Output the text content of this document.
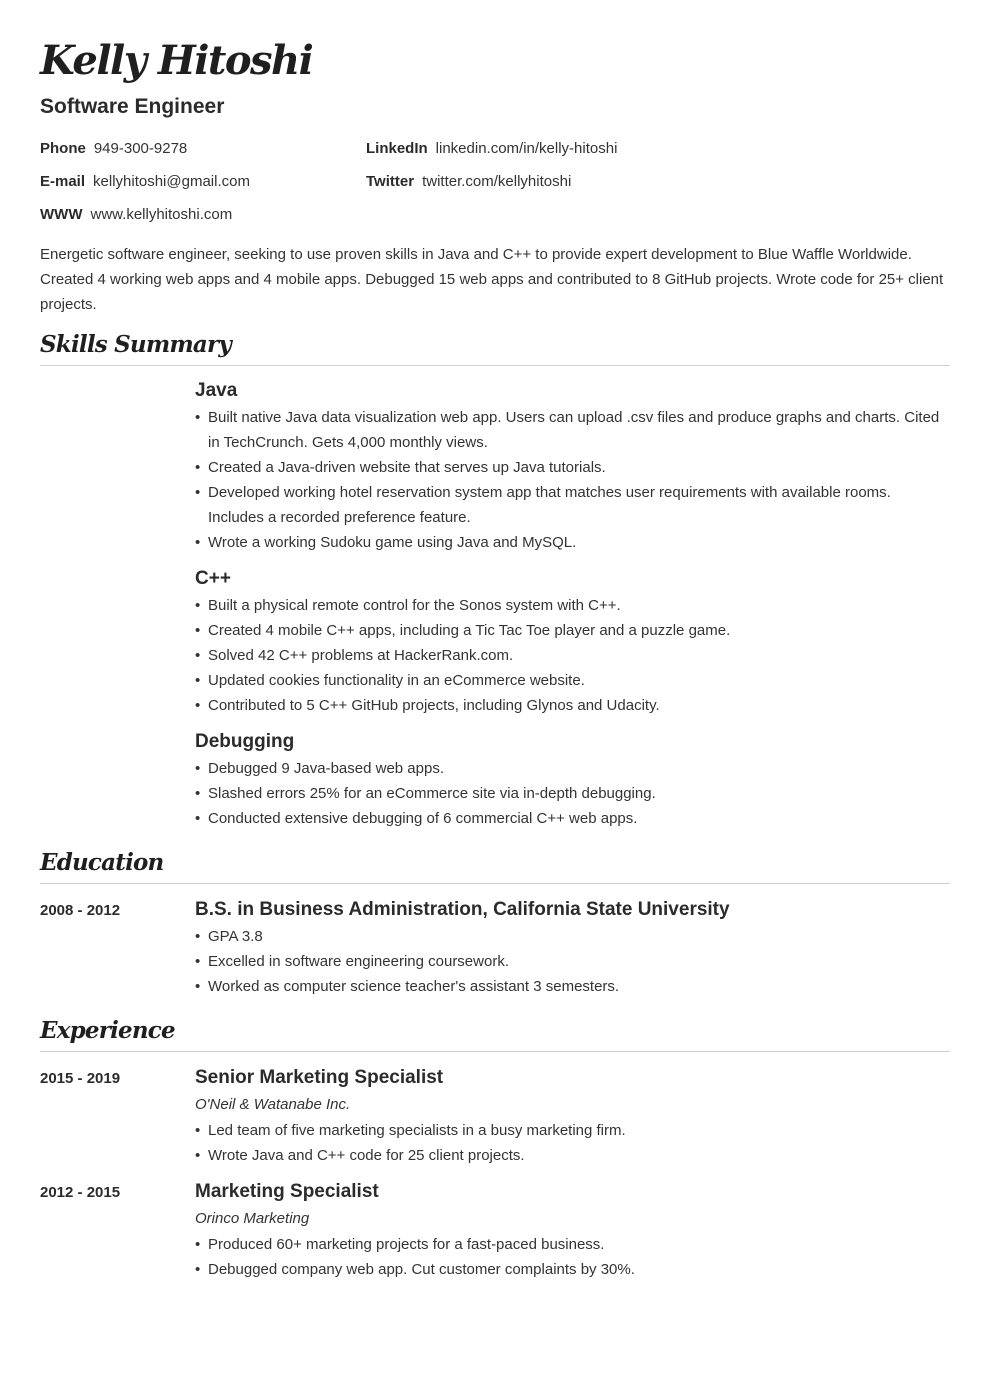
Kelly Hitoshi
Software Engineer
Phone 949-300-9278	LinkedIn linkedin.com/in/kelly-hitoshi
E-mail kellyhitoshi@gmail.com	Twitter twitter.com/kellyhitoshi
WWW www.kellyhitoshi.com

Energetic software engineer, seeking to use proven skills in Java and C++ to provide expert development to Blue Waffle Worldwide. Created 4 working web apps and 4 mobile apps. Debugged 15 web apps and contributed to 8 GitHub projects. Wrote code for 25+ client projects.

Skills Summary
Java
• Built native Java data visualization web app. Users can upload .csv files and produce graphs and charts. Cited in TechCrunch. Gets 4,000 monthly views.
• Created a Java-driven website that serves up Java tutorials.
• Developed working hotel reservation system app that matches user requirements with available rooms. Includes a recorded preference feature.
• Wrote a working Sudoku game using Java and MySQL.
C++
• Built a physical remote control for the Sonos system with C++.
• Created 4 mobile C++ apps, including a Tic Tac Toe player and a puzzle game.
• Solved 42 C++ problems at HackerRank.com.
• Updated cookies functionality in an eCommerce website.
• Contributed to 5 C++ GitHub projects, including Glynos and Udacity.
Debugging
• Debugged 9 Java-based web apps.
• Slashed errors 25% for an eCommerce site via in-depth debugging.
• Conducted extensive debugging of 6 commercial C++ web apps.
Education
2008 - 2012	B.S. in Business Administration, California State University
• GPA 3.8
• Excelled in software engineering coursework.
• Worked as computer science teacher's assistant 3 semesters.
Experience
2015 - 2019	Senior Marketing Specialist
O'Neil & Watanabe Inc.
• Led team of five marketing specialists in a busy marketing firm.
• Wrote Java and C++ code for 25 client projects.
2012 - 2015	Marketing Specialist
Orinco Marketing
• Produced 60+ marketing projects for a fast-paced business.
• Debugged company web app. Cut customer complaints by 30%.
